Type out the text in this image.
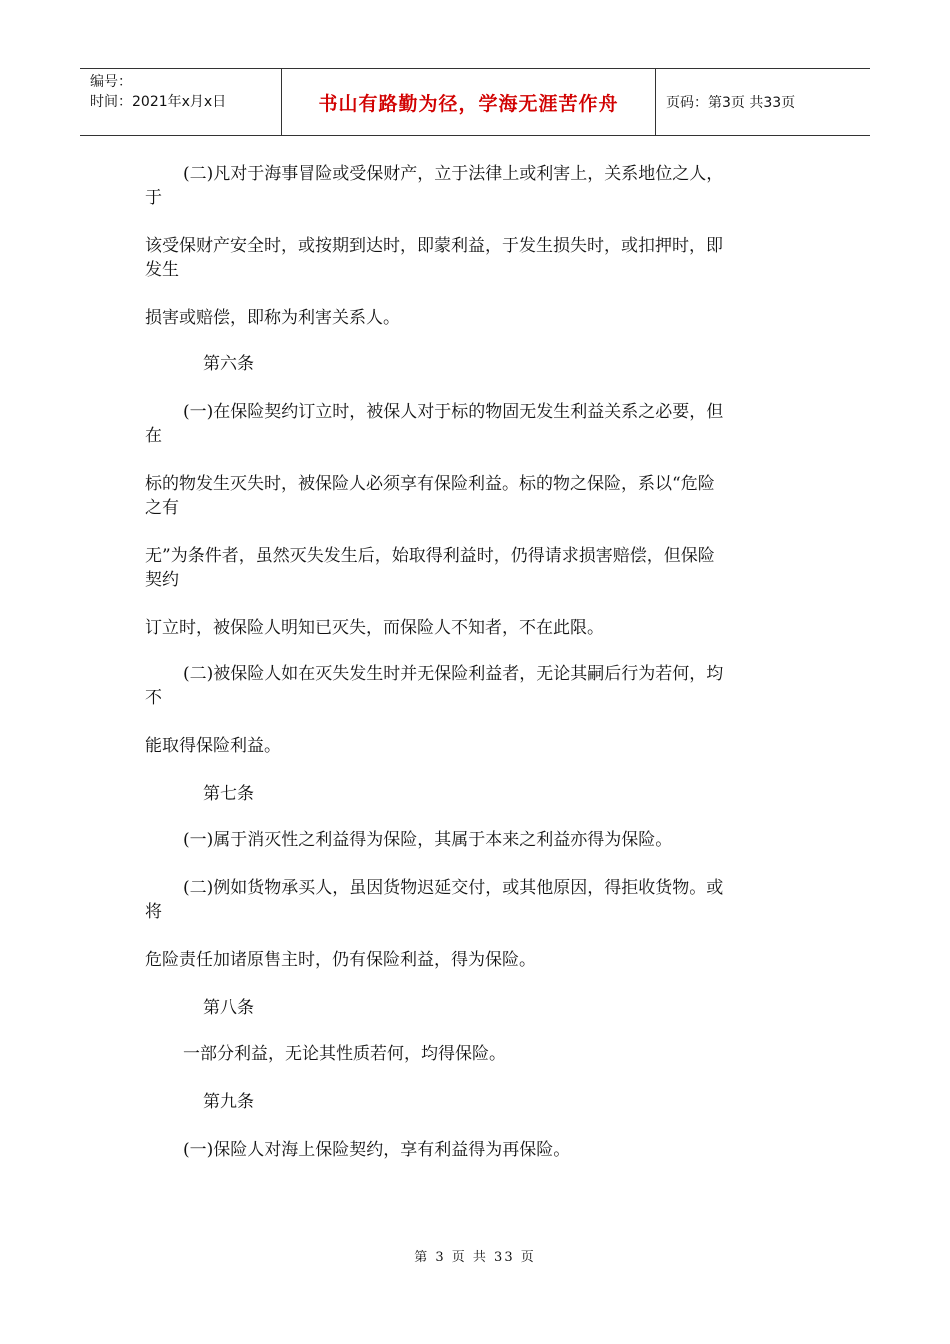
编号：
时间：2021年x月x日	书山有路勤为径，学海无涯苦作舟	页码：第3页 共33页

(二)凡对于海事冒险或受保财产，立于法律上或利害上，关系地位之人，

于

该受保财产安全时，或按期到达时，即蒙利益，于发生损失时，或扣押时，即

发生

损害或赔偿，即称为利害关系人。

第六条

(一)在保险契约订立时，被保人对于标的物固无发生利益关系之必要，但

在

标的物发生灭失时，被保险人必须享有保险利益。标的物之保险，系以“危险

之有

无”为条件者，虽然灭失发生后，始取得利益时，仍得请求损害赔偿，但保险

契约

订立时，被保险人明知已灭失，而保险人不知者，不在此限。

(二)被保险人如在灭失发生时并无保险利益者，无论其嗣后行为若何，均

不

能取得保险利益。

第七条

(一)属于消灭性之利益得为保险，其属于本来之利益亦得为保险。

(二)例如货物承买人，虽因货物迟延交付，或其他原因，得拒收货物。或

将

危险责任加诸原售主时，仍有保险利益，得为保险。

第八条

一部分利益，无论其性质若何，均得保险。

第九条

(一)保险人对海上保险契约，享有利益得为再保险。

第 3 页 共 33 页
